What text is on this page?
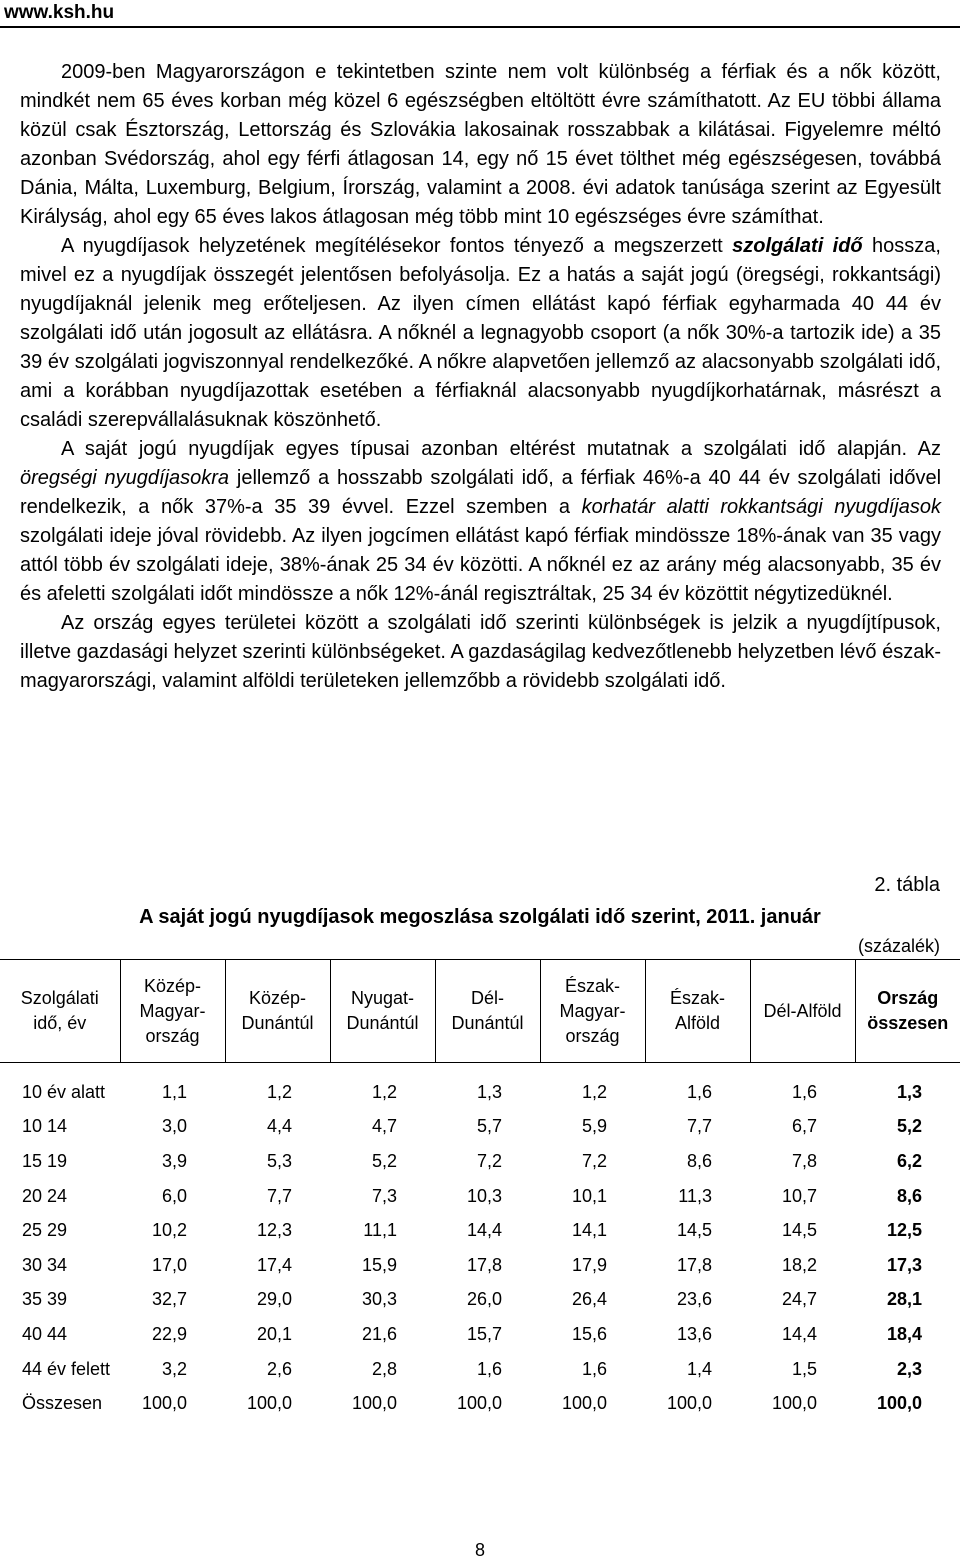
www.ksh.hu

2009-ben Magyarországon e tekintetben szinte nem volt különbség a férfiak és a nők között, mindkét nem 65 éves korban még közel 6 egészségben eltöltött évre számíthatott. Az EU többi állama közül csak Észtország, Lettország és Szlovákia lakosainak rosszabbak a kilátásai. Figyelemre méltó azonban Svédország, ahol egy férfi átlagosan 14, egy nő 15 évet tölthet még egészségesen, továbbá Dánia, Málta, Luxemburg, Belgium, Írország, valamint a 2008. évi adatok tanúsága szerint az Egyesült Királyság, ahol egy 65 éves lakos átlagosan még több mint 10 egészséges évre számíthat.

A nyugdíjasok helyzetének megítélésekor fontos tényező a megszerzett szolgálati idő hossza, mivel ez a nyugdíjak összegét jelentősen befolyásolja. Ez a hatás a saját jogú (öregségi, rokkantsági) nyugdíjaknál jelenik meg erőteljesen. Az ilyen címen ellátást kapó férfiak egyharmada 40 44 év szolgálati idő után jogosult az ellátásra. A nőknél a legnagyobb csoport (a nők 30%-a tartozik ide) a 35 39 év szolgálati jogviszonnyal rendelkezőké. A nőkre alapvetően jellemző az alacsonyabb szolgálati idő, ami a korábban nyugdíjazottak esetében a férfiaknál alacsonyabb nyugdíjkorhatárnak, másrészt a családi szerepvállalásuknak köszönhető.

A saját jogú nyugdíjak egyes típusai azonban eltérést mutatnak a szolgálati idő alapján. Az öregségi nyugdíjasokra jellemző a hosszabb szolgálati idő, a férfiak 46%-a 40 44 év szolgálati idővel rendelkezik, a nők 37%-a 35 39 évvel. Ezzel szemben a korhatár alatti rokkantsági nyugdíjasok szolgálati ideje jóval rövidebb. Az ilyen jogcímen ellátást kapó férfiak mindössze 18%-ának van 35 vagy attól több év szolgálati ideje, 38%-ának 25 34 év közötti. A nőknél ez az arány még alacsonyabb, 35 év és afeletti szolgálati időt mindössze a nők 12%-ánál regisztráltak, 25 34 év közöttit négytizedüknél.

Az ország egyes területei között a szolgálati idő szerinti különbségek is jelzik a nyugdíjtípusok, illetve gazdasági helyzet szerinti különbségeket. A gazdaságilag kedvezőtlenebb helyzetben lévő észak-magyarországi, valamint alföldi területeken jellemzőbb a rövidebb szolgálati idő.

2. tábla
A saját jogú nyugdíjasok megoszlása szolgálati idő szerint, 2011. január
(százalék)
Szolgálati idő, év	Közép-Magyar-ország	Közép-Dunántúl	Nyugat-Dunántúl	Dél-Dunántúl	Észak-Magyar-ország	Észak-Alföld	Dél-Alföld	Ország összesen
10 év alatt	1,1	1,2	1,2	1,3	1,2	1,6	1,6	1,3
10 14	3,0	4,4	4,7	5,7	5,9	7,7	6,7	5,2
15 19	3,9	5,3	5,2	7,2	7,2	8,6	7,8	6,2
20 24	6,0	7,7	7,3	10,3	10,1	11,3	10,7	8,6
25 29	10,2	12,3	11,1	14,4	14,1	14,5	14,5	12,5
30 34	17,0	17,4	15,9	17,8	17,9	17,8	18,2	17,3
35 39	32,7	29,0	30,3	26,0	26,4	23,6	24,7	28,1
40 44	22,9	20,1	21,6	15,7	15,6	13,6	14,4	18,4
44 év felett	3,2	2,6	2,8	1,6	1,6	1,4	1,5	2,3
Összesen	100,0	100,0	100,0	100,0	100,0	100,0	100,0	100,0
8
